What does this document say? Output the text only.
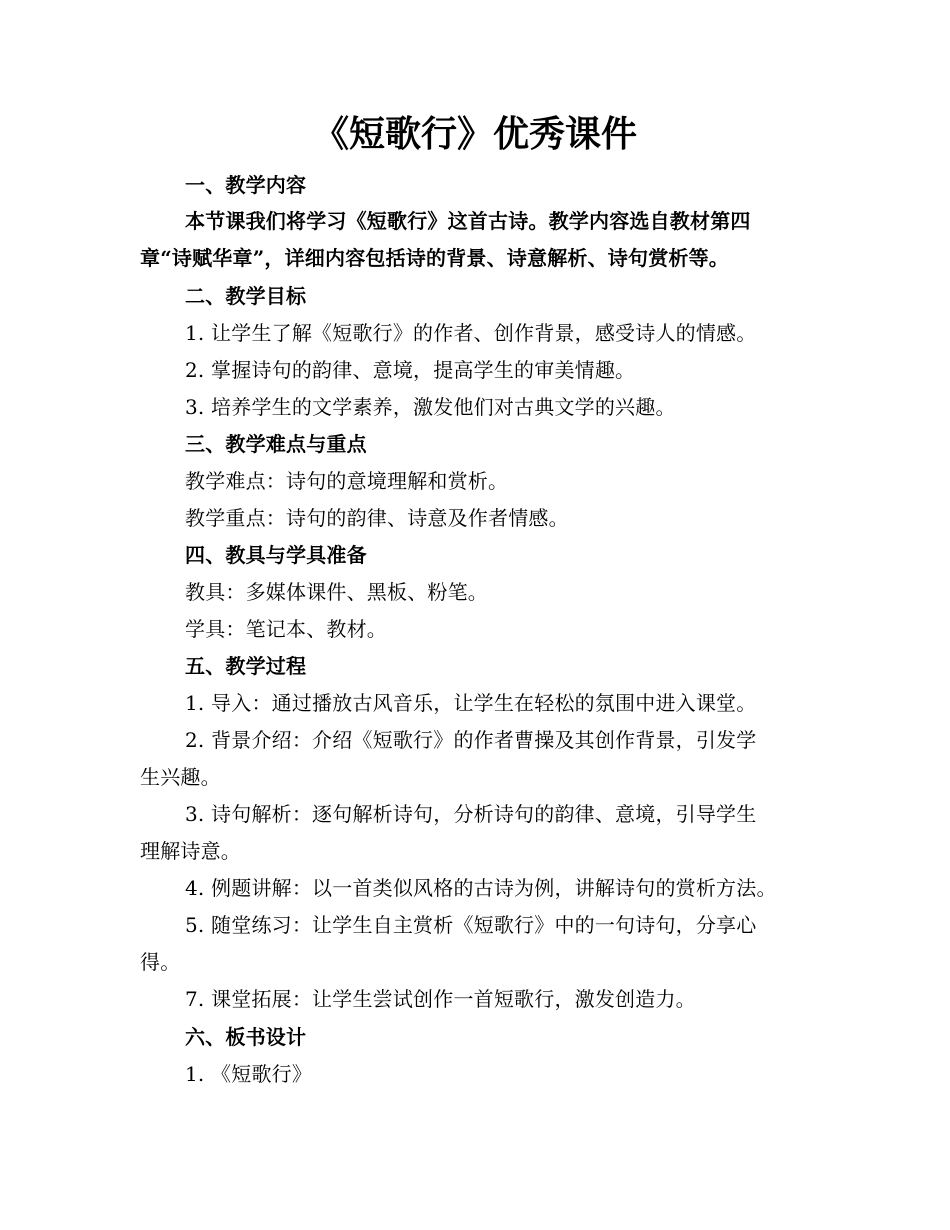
《短歌行》优秀课件
一、教学内容
本节课我们将学习《短歌行》这首古诗。教学内容选自教材第四
章“诗赋华章”，详细内容包括诗的背景、诗意解析、诗句赏析等。
二、教学目标
1. 让学生了解《短歌行》的作者、创作背景，感受诗人的情感。
2. 掌握诗句的韵律、意境，提高学生的审美情趣。
3. 培养学生的文学素养，激发他们对古典文学的兴趣。
三、教学难点与重点
教学难点：诗句的意境理解和赏析。
教学重点：诗句的韵律、诗意及作者情感。
四、教具与学具准备
教具：多媒体课件、黑板、粉笔。
学具：笔记本、教材。
五、教学过程
1. 导入：通过播放古风音乐，让学生在轻松的氛围中进入课堂。
2. 背景介绍：介绍《短歌行》的作者曹操及其创作背景，引发学
生兴趣。
3. 诗句解析：逐句解析诗句，分析诗句的韵律、意境，引导学生
理解诗意。
4. 例题讲解：以一首类似风格的古诗为例，讲解诗句的赏析方法。
5. 随堂练习：让学生自主赏析《短歌行》中的一句诗句，分享心
得。
7. 课堂拓展：让学生尝试创作一首短歌行，激发创造力。
六、板书设计
1. 《短歌行》
